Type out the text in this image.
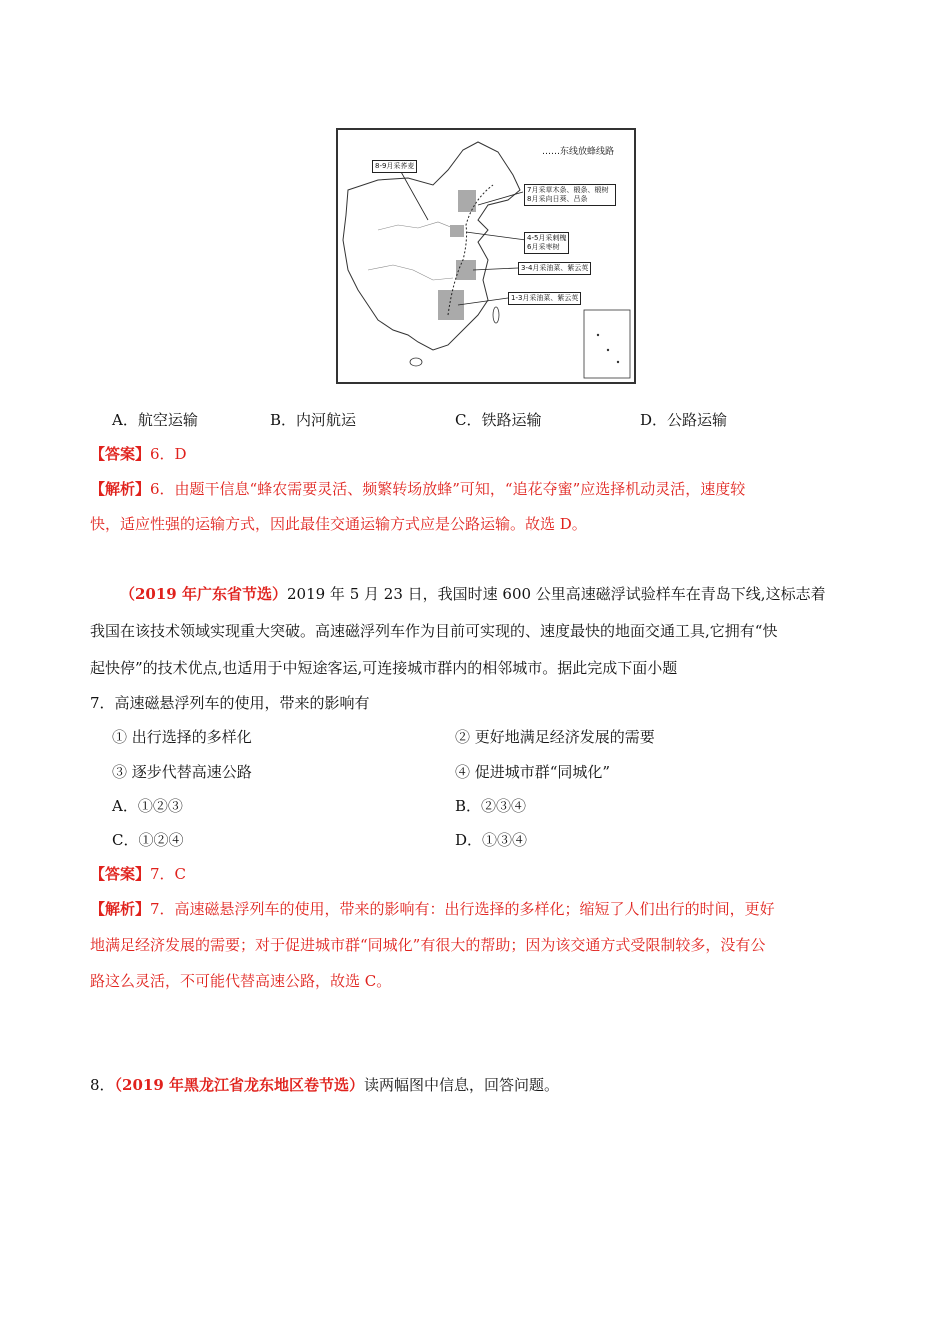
……东线放蜂线路
8-9月采荞麦
7月采草木条、椴条、椴树
8月采向日葵、吕条
4-5月采刺槐
6月采枣树
3-4月采油菜、紫云英
1-3月采油菜、紫云英
A．航空运输	B．内河航运	C．铁路运输	D．公路运输
【答案】6．D
【解析】6．由题干信息“蜂农需要灵活、频繁转场放蜂”可知，“追花夺蜜”应选择机动灵活，速度较
快，适应性强的运输方式，因此最佳交通运输方式应是公路运输。故选 D。
（2019 年广东省节选）2019 年 5 月 23 日，我国时速 600 公里高速磁浮试验样车在青岛下线,这标志着
我国在该技术领域实现重大突破。高速磁浮列车作为目前可实现的、速度最快的地面交通工具,它拥有“快
起快停”的技术优点,也适用于中短途客运,可连接城市群内的相邻城市。据此完成下面小题
7．高速磁悬浮列车的使用，带来的影响有
① 出行选择的多样化	② 更好地满足经济发展的需要
③ 逐步代替高速公路	④ 促进城市群“同城化”
A．①②③	B．②③④
C．①②④	D．①③④
【答案】7．C
【解析】7．高速磁悬浮列车的使用，带来的影响有：出行选择的多样化；缩短了人们出行的时间，更好
地满足经济发展的需要；对于促进城市群“同城化”有很大的帮助；因为该交通方式受限制较多，没有公
路这么灵活，不可能代替高速公路，故选 C。
8．（2019 年黑龙江省龙东地区卷节选）读两幅图中信息，回答问题。
